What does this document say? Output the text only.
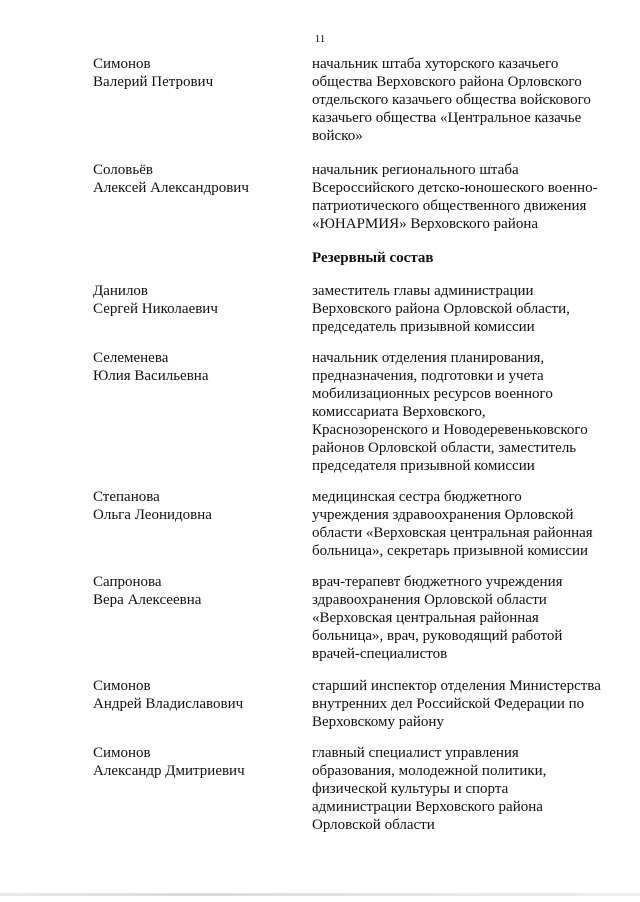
11
Симонов
Валерий Петрович
начальник штаба хуторского казачьего
общества Верховского района Орловского
отдельского казачьего общества войскового
казачьего общества «Центральное казачье
войско»
Соловьёв
Алексей Александрович
начальник регионального штаба
Всероссийского детско-юношеского военно-
патриотического общественного движения
«ЮНАРМИЯ» Верховского района
Резервный состав
Данилов
Сергей Николаевич
заместитель главы администрации
Верховского района Орловской области,
председатель призывной комиссии
Селеменева
Юлия Васильевна
начальник отделения планирования,
предназначения, подготовки и учета
мобилизационных ресурсов военного
комиссариата Верховского,
Краснозоренского и Новодеревеньковского
районов Орловской области, заместитель
председателя призывной комиссии
Степанова
Ольга Леонидовна
медицинская сестра бюджетного
учреждения здравоохранения Орловской
области «Верховская центральная районная
больница», секретарь призывной комиссии
Сапронова
Вера Алексеевна
врач-терапевт бюджетного учреждения
здравоохранения Орловской области
«Верховская центральная районная
больница», врач, руководящий работой
врачей-специалистов
Симонов
Андрей Владиславович
старший инспектор отделения Министерства
внутренних дел Российской Федерации по
Верховскому району
Симонов
Александр Дмитриевич
главный специалист управления
образования, молодежной политики,
физической культуры и спорта
администрации Верховского района
Орловской области
